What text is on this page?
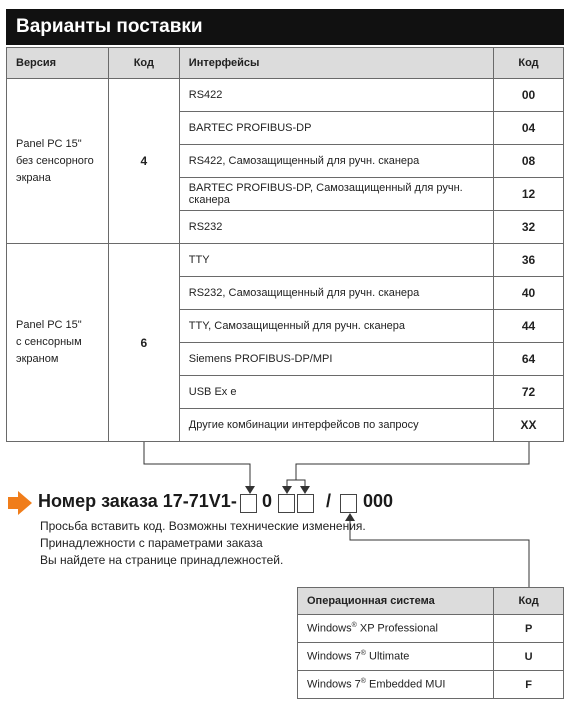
Варианты поставки
Версия	Код	Интерфейсы	Код
Panel PC 15"
без сенсорного
экрана	4	RS422	00
		BARTEC PROFIBUS-DP	04
		RS422, Самозащищенный для ручн. сканера	08
		BARTEC PROFIBUS-DP, Самозащищенный для ручн. сканера	12
		RS232	32
Panel PC 15"
с сенсорным
экраном	6	TTY	36
		RS232, Самозащищенный для ручн. сканера	40
		TTY, Самозащищенный для ручн. сканера	44
		Siemens PROFIBUS-DP/MPI	64
		USB Ex e	72
		Другие комбинации интерфейсов по запросу	XX
Номер заказа 17-71V1- 0	/ 000
Просьба вставить код. Возможны технические изменения.
Принадлежности с параметрами заказа
Вы найдете на странице принадлежностей.
Операционная система	Код
Windows® XP Professional	P
Windows 7® Ultimate	U
Windows 7® Embedded MUI	F
